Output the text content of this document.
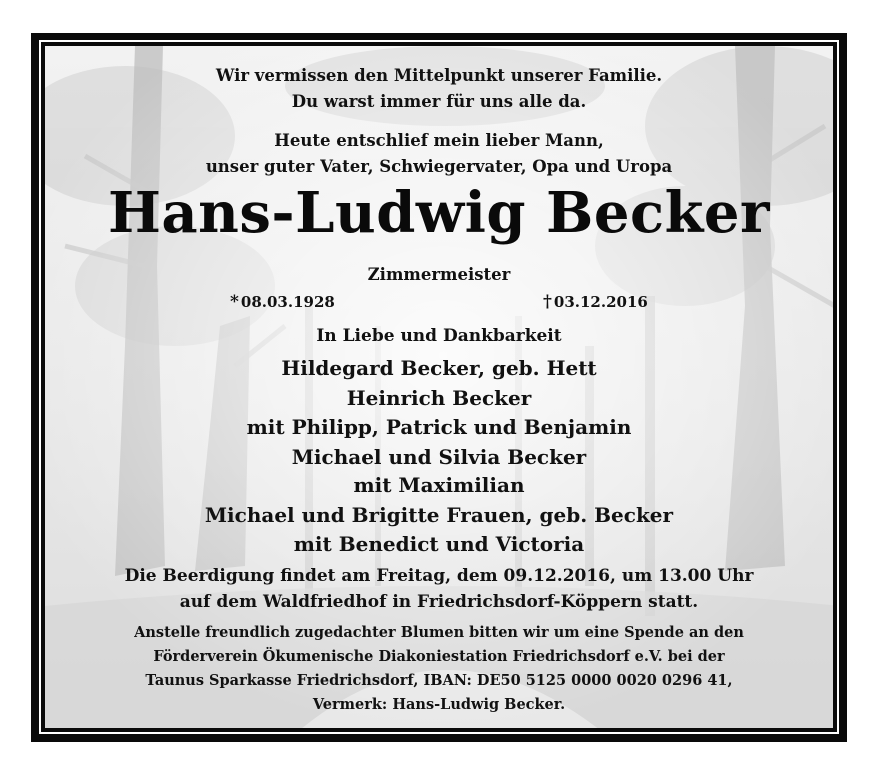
Wir vermissen den Mittelpunkt unserer Familie.
Du warst immer für uns alle da.
Heute entschlief mein lieber Mann,
unser guter Vater, Schwiegervater, Opa und Uropa
Hans-Ludwig Becker
Zimmermeister
* 08.03.1928	† 03.12.2016
In Liebe und Dankbarkeit
Hildegard Becker, geb. Hett
Heinrich Becker
mit Philipp, Patrick und Benjamin
Michael und Silvia Becker
mit Maximilian
Michael und Brigitte Frauen, geb. Becker
mit Benedict und Victoria
Die Beerdigung findet am Freitag, dem 09.12.2016, um 13.00 Uhr
auf dem Waldfriedhof in Friedrichsdorf-Köppern statt.
Anstelle freundlich zugedachter Blumen bitten wir um eine Spende an den
Förderverein Ökumenische Diakoniestation Friedrichsdorf e.V. bei der
Taunus Sparkasse Friedrichsdorf, IBAN: DE50 5125 0000 0020 0296 41,
Vermerk: Hans-Ludwig Becker.
